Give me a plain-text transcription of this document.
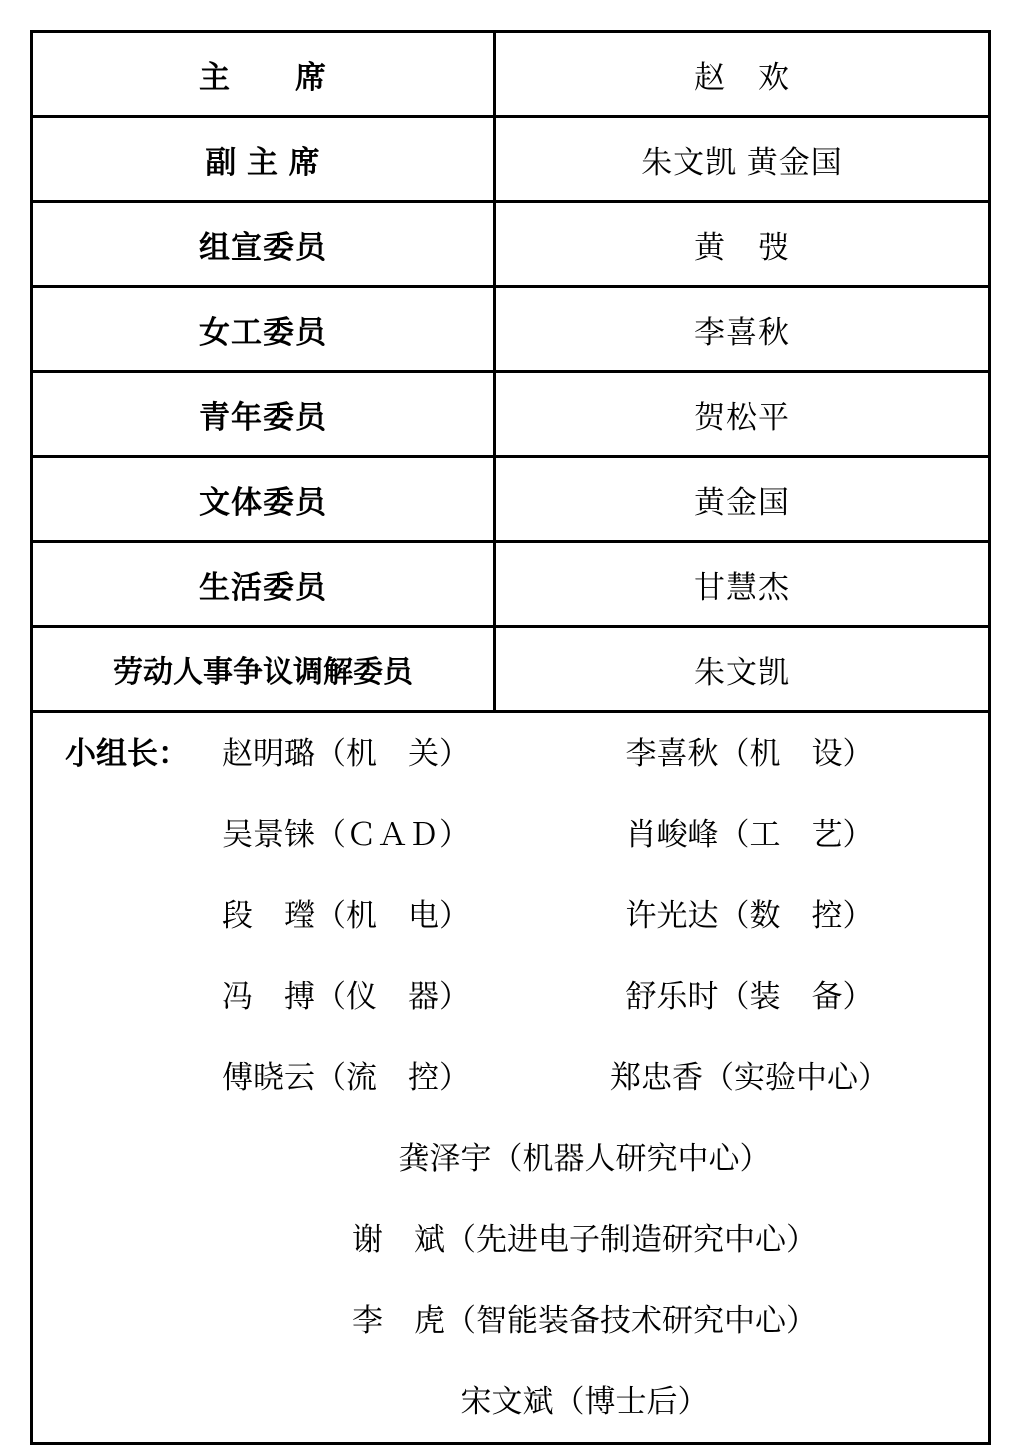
主　　席	赵　欢
副 主 席	朱文凯 黄金国
组宣委员	黄　弢
女工委员	李喜秋
青年委员	贺松平
文体委员	黄金国
生活委员	甘慧杰
劳动人事争议调解委员	朱文凯

小组长：	赵明璐（机　关）	李喜秋（机　设）
吴景铼（ＣＡＤ）	肖峻峰（工　艺）
段　㼆（机　电）	许光达（数　控）
冯　搏（仪　器）	舒乐时（装　备）
傅晓云（流　控）	郑忠香（实验中心）
龚泽宇（机器人研究中心）
谢　斌（先进电子制造研究中心）
李　虎（智能装备技术研究中心）
宋文斌（博士后）
